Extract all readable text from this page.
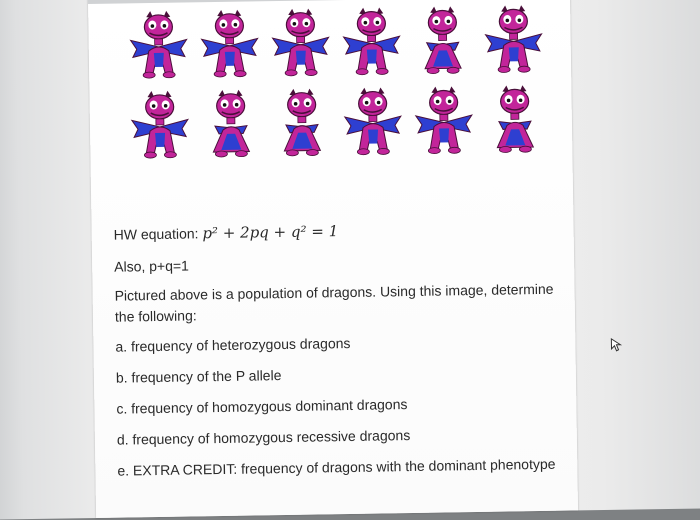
HW equation: p² + 2pq + q² = 1
Also, p+q=1
Pictured above is a population of dragons. Using this image, determine the following:
a. frequency of heterozygous dragons
b. frequency of the P allele
c. frequency of homozygous dominant dragons
d. frequency of homozygous recessive dragons
e. EXTRA CREDIT: frequency of dragons with the dominant phenotype
